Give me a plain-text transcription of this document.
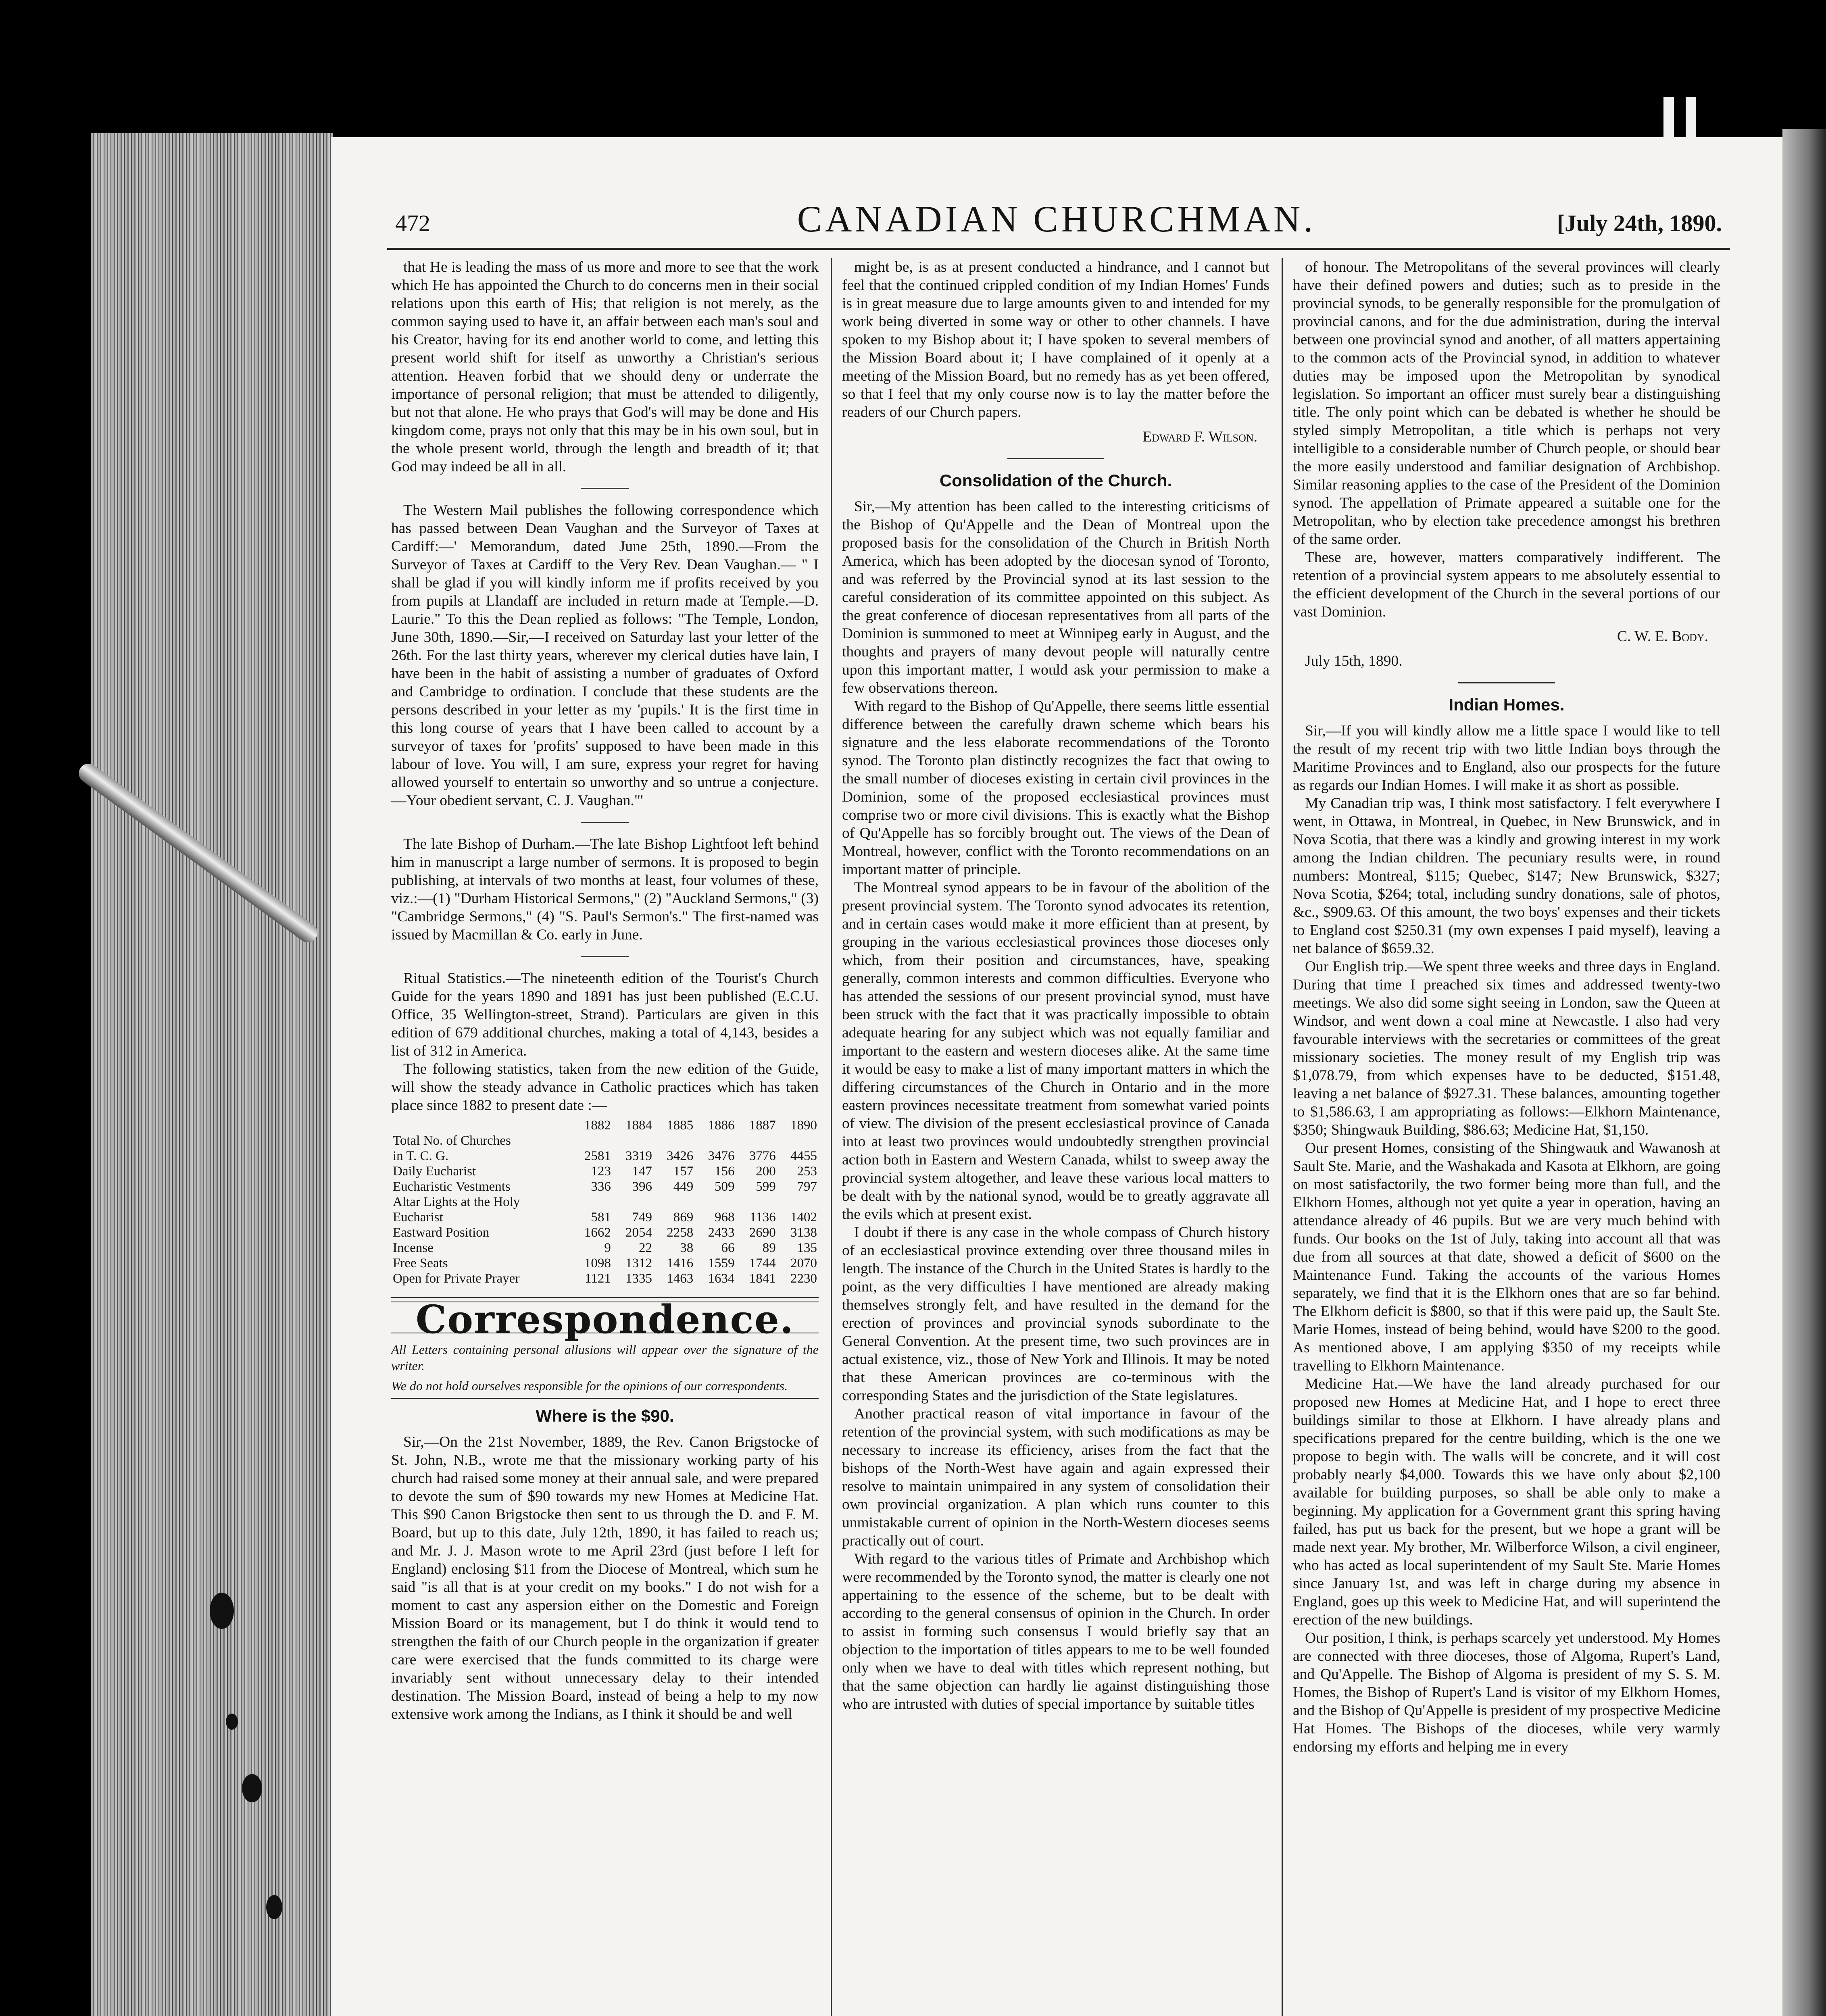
472	CANADIAN CHURCHMAN.	[July 24th, 1890.

that He is leading the mass of us more and more to see that the work which He has appointed the Church to do concerns men in their social relations upon this earth of His; that religion is not merely, as the common saying used to have it, an affair between each man's soul and his Creator, having for its end another world to come, and letting this present world shift for itself as unworthy a Christian's serious attention. Heaven forbid that we should deny or underrate the importance of personal religion; that must be attended to diligently, but not that alone. He who prays that God's will may be done and His kingdom come, prays not only that this may be in his own soul, but in the whole present world, through the length and breadth of it; that God may indeed be all in all.

The Western Mail publishes the following correspondence which has passed between Dean Vaughan and the Surveyor of Taxes at Cardiff:—' Memorandum, dated June 25th, 1890.—From the Surveyor of Taxes at Cardiff to the Very Rev. Dean Vaughan.— " I shall be glad if you will kindly inform me if profits received by you from pupils at Llandaff are included in return made at Temple.—D. Laurie." To this the Dean replied as follows: "The Temple, London, June 30th, 1890.—Sir,—I received on Saturday last your letter of the 26th. For the last thirty years, wherever my clerical duties have lain, I have been in the habit of assisting a number of graduates of Oxford and Cambridge to ordination. I conclude that these students are the persons described in your letter as my 'pupils.' It is the first time in this long course of years that I have been called to account by a surveyor of taxes for 'profits' supposed to have been made in this labour of love. You will, I am sure, express your regret for having allowed yourself to entertain so unworthy and so untrue a conjecture. —Your obedient servant, C. J. Vaughan."'

The late Bishop of Durham.—The late Bishop Lightfoot left behind him in manuscript a large number of sermons. It is proposed to begin publishing, at intervals of two months at least, four volumes of these, viz.:—(1) "Durham Historical Sermons," (2) "Auckland Sermons," (3) "Cambridge Sermons," (4) "S. Paul's Sermon's." The first-named was issued by Macmillan & Co. early in June.

Ritual Statistics.—The nineteenth edition of the Tourist's Church Guide for the years 1890 and 1891 has just been published (E.C.U. Office, 35 Wellington-street, Strand). Particulars are given in this edition of 679 additional churches, making a total of 4,143, besides a list of 312 in America.

The following statistics, taken from the new edition of the Guide, will show the steady advance in Catholic practices which has taken place since 1882 to present date :—

	1882	1884	1885	1886	1887	1890
Total No. of Churches						
in T. C. G.	2581	3319	3426	3476	3776	4455
Daily Eucharist	123	147	157	156	200	253
Eucharistic Vestments	336	396	449	509	599	797
Altar Lights at the Holy						
Eucharist	581	749	869	968	1136	1402
Eastward Position	1662	2054	2258	2433	2690	3138
Incense	9	22	38	66	89	135
Free Seats	1098	1312	1416	1559	1744	2070
Open for Private Prayer	1121	1335	1463	1634	1841	2230
Correspondence.
All Letters containing personal allusions will appear over the signature of the writer.
We do not hold ourselves responsible for the opinions of our correspondents.
Where is the $90.

Sir,—On the 21st November, 1889, the Rev. Canon Brigstocke of St. John, N.B., wrote me that the missionary working party of his church had raised some money at their annual sale, and were prepared to devote the sum of $90 towards my new Homes at Medicine Hat. This $90 Canon Brigstocke then sent to us through the D. and F. M. Board, but up to this date, July 12th, 1890, it has failed to reach us; and Mr. J. J. Mason wrote to me April 23rd (just before I left for England) enclosing $11 from the Diocese of Montreal, which sum he said "is all that is at your credit on my books." I do not wish for a moment to cast any aspersion either on the Domestic and Foreign Mission Board or its management, but I do think it would tend to strengthen the faith of our Church people in the organization if greater care were exercised that the funds committed to its charge were invariably sent without unnecessary delay to their intended destination. The Mission Board, instead of being a help to my now extensive work among the Indians, as I think it should be and well

might be, is as at present conducted a hindrance, and I cannot but feel that the continued crippled condition of my Indian Homes' Funds is in great measure due to large amounts given to and intended for my work being diverted in some way or other to other channels. I have spoken to my Bishop about it; I have spoken to several members of the Mission Board about it; I have complained of it openly at a meeting of the Mission Board, but no remedy has as yet been offered, so that I feel that my only course now is to lay the matter before the readers of our Church papers.

Edward F. Wilson.
Consolidation of the Church.

Sir,—My attention has been called to the interesting criticisms of the Bishop of Qu'Appelle and the Dean of Montreal upon the proposed basis for the consolidation of the Church in British North America, which has been adopted by the diocesan synod of Toronto, and was referred by the Provincial synod at its last session to the careful consideration of its committee appointed on this subject. As the great conference of diocesan representatives from all parts of the Dominion is summoned to meet at Winnipeg early in August, and the thoughts and prayers of many devout people will naturally centre upon this important matter, I would ask your permission to make a few observations thereon.

With regard to the Bishop of Qu'Appelle, there seems little essential difference between the carefully drawn scheme which bears his signature and the less elaborate recommendations of the Toronto synod. The Toronto plan distinctly recognizes the fact that owing to the small number of dioceses existing in certain civil provinces in the Dominion, some of the proposed ecclesiastical provinces must comprise two or more civil divisions. This is exactly what the Bishop of Qu'Appelle has so forcibly brought out. The views of the Dean of Montreal, however, conflict with the Toronto recommendations on an important matter of principle.

The Montreal synod appears to be in favour of the abolition of the present provincial system. The Toronto synod advocates its retention, and in certain cases would make it more efficient than at present, by grouping in the various ecclesiastical provinces those dioceses only which, from their position and circumstances, have, speaking generally, common interests and common difficulties. Everyone who has attended the sessions of our present provincial synod, must have been struck with the fact that it was practically impossible to obtain adequate hearing for any subject which was not equally familiar and important to the eastern and western dioceses alike. At the same time it would be easy to make a list of many important matters in which the differing circumstances of the Church in Ontario and in the more eastern provinces necessitate treatment from somewhat varied points of view. The division of the present ecclesiastical province of Canada into at least two provinces would undoubtedly strengthen provincial action both in Eastern and Western Canada, whilst to sweep away the provincial system altogether, and leave these various local matters to be dealt with by the national synod, would be to greatly aggravate all the evils which at present exist.

I doubt if there is any case in the whole compass of Church history of an ecclesiastical province extending over three thousand miles in length. The instance of the Church in the United States is hardly to the point, as the very difficulties I have mentioned are already making themselves strongly felt, and have resulted in the demand for the erection of provinces and provincial synods subordinate to the General Convention. At the present time, two such provinces are in actual existence, viz., those of New York and Illinois. It may be noted that these American provinces are co-terminous with the corresponding States and the jurisdiction of the State legislatures.

Another practical reason of vital importance in favour of the retention of the provincial system, with such modifications as may be necessary to increase its efficiency, arises from the fact that the bishops of the North-West have again and again expressed their resolve to maintain unimpaired in any system of consolidation their own provincial organization. A plan which runs counter to this unmistakable current of opinion in the North-Western dioceses seems practically out of court.

With regard to the various titles of Primate and Archbishop which were recommended by the Toronto synod, the matter is clearly one not appertaining to the essence of the scheme, but to be dealt with according to the general consensus of opinion in the Church. In order to assist in forming such consensus I would briefly say that an objection to the importation of titles appears to me to be well founded only when we have to deal with titles which represent nothing, but that the same objection can hardly lie against distinguishing those who are intrusted with duties of special importance by suitable titles

of honour. The Metropolitans of the several provinces will clearly have their defined powers and duties; such as to preside in the provincial synods, to be generally responsible for the promulgation of provincial canons, and for the due administration, during the interval between one provincial synod and another, of all matters appertaining to the common acts of the Provincial synod, in addition to whatever duties may be imposed upon the Metropolitan by synodical legislation. So important an officer must surely bear a distinguishing title. The only point which can be debated is whether he should be styled simply Metropolitan, a title which is perhaps not very intelligible to a considerable number of Church people, or should bear the more easily understood and familiar designation of Archbishop. Similar reasoning applies to the case of the President of the Dominion synod. The appellation of Primate appeared a suitable one for the Metropolitan, who by election take precedence amongst his brethren of the same order.

These are, however, matters comparatively indifferent. The retention of a provincial system appears to me absolutely essential to the efficient development of the Church in the several portions of our vast Dominion.

C. W. E. Body.
July 15th, 1890.
Indian Homes.

Sir,—If you will kindly allow me a little space I would like to tell the result of my recent trip with two little Indian boys through the Maritime Provinces and to England, also our prospects for the future as regards our Indian Homes. I will make it as short as possible.

My Canadian trip was, I think most satisfactory. I felt everywhere I went, in Ottawa, in Montreal, in Quebec, in New Brunswick, and in Nova Scotia, that there was a kindly and growing interest in my work among the Indian children. The pecuniary results were, in round numbers: Montreal, $115; Quebec, $147; New Brunswick, $327; Nova Scotia, $264; total, including sundry donations, sale of photos, &c., $909.63. Of this amount, the two boys' expenses and their tickets to England cost $250.31 (my own expenses I paid myself), leaving a net balance of $659.32.

Our English trip.—We spent three weeks and three days in England. During that time I preached six times and addressed twenty-two meetings. We also did some sight seeing in London, saw the Queen at Windsor, and went down a coal mine at Newcastle. I also had very favourable interviews with the secretaries or committees of the great missionary societies. The money result of my English trip was $1,078.79, from which expenses have to be deducted, $151.48, leaving a net balance of $927.31. These balances, amounting together to $1,586.63, I am appropriating as follows:—Elkhorn Maintenance, $350; Shingwauk Building, $86.63; Medicine Hat, $1,150.

Our present Homes, consisting of the Shingwauk and Wawanosh at Sault Ste. Marie, and the Washakada and Kasota at Elkhorn, are going on most satisfactorily, the two former being more than full, and the Elkhorn Homes, although not yet quite a year in operation, having an attendance already of 46 pupils. But we are very much behind with funds. Our books on the 1st of July, taking into account all that was due from all sources at that date, showed a deficit of $600 on the Maintenance Fund. Taking the accounts of the various Homes separately, we find that it is the Elkhorn ones that are so far behind. The Elkhorn deficit is $800, so that if this were paid up, the Sault Ste. Marie Homes, instead of being behind, would have $200 to the good. As mentioned above, I am applying $350 of my receipts while travelling to Elkhorn Maintenance.

Medicine Hat.—We have the land already purchased for our proposed new Homes at Medicine Hat, and I hope to erect three buildings similar to those at Elkhorn. I have already plans and specifications prepared for the centre building, which is the one we propose to begin with. The walls will be concrete, and it will cost probably nearly $4,000. Towards this we have only about $2,100 available for building purposes, so shall be able only to make a beginning. My application for a Government grant this spring having failed, has put us back for the present, but we hope a grant will be made next year. My brother, Mr. Wilberforce Wilson, a civil engineer, who has acted as local superintendent of my Sault Ste. Marie Homes since January 1st, and was left in charge during my absence in England, goes up this week to Medicine Hat, and will superintend the erection of the new buildings.

Our position, I think, is perhaps scarcely yet understood. My Homes are connected with three dioceses, those of Algoma, Rupert's Land, and Qu'Appelle. The Bishop of Algoma is president of my S. S. M. Homes, the Bishop of Rupert's Land is visitor of my Elkhorn Homes, and the Bishop of Qu'Appelle is president of my prospective Medicine Hat Homes. The Bishops of the dioceses, while very warmly endorsing my efforts and helping me in every
